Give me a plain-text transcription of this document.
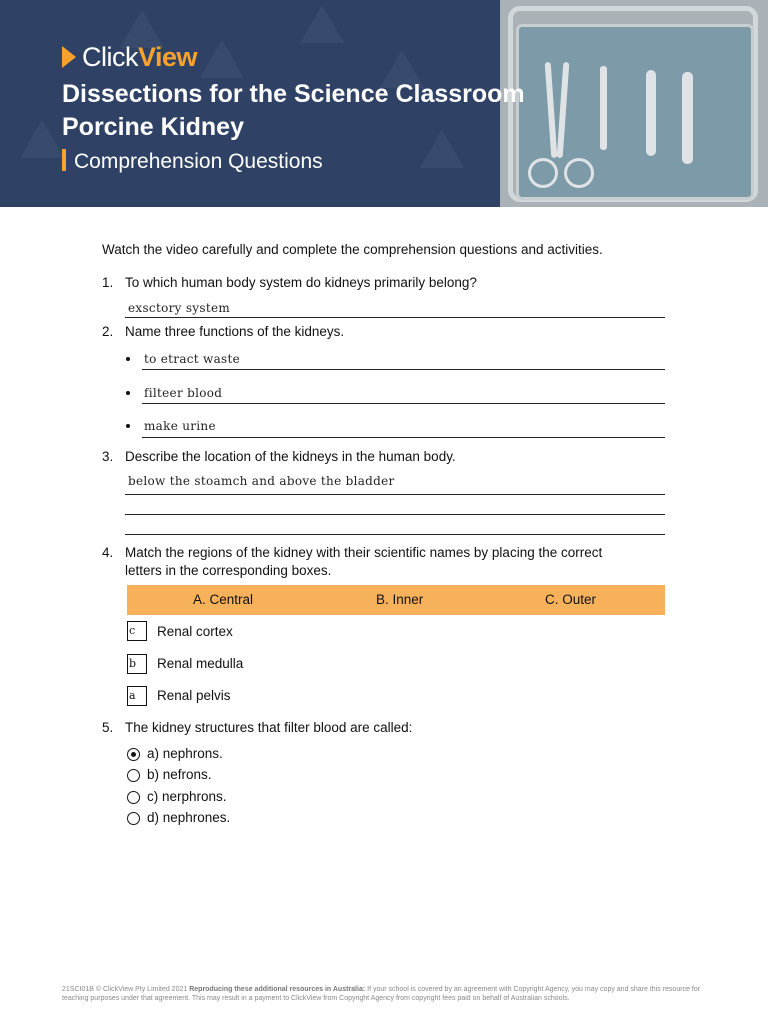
Click View
Dissections for the Science Classroom
Porcine Kidney
Comprehension Questions
Watch the video carefully and complete the comprehension questions and activities.
1. To which human body system do kidneys primarily belong?
exsctory system
2. Name three functions of the kidneys.
to etract waste
filteer blood
make urine
3. Describe the location of the kidneys in the human body.
below the stoamch and above the bladder
4. Match the regions of the kidney with their scientific names by placing the correct
letters in the corresponding boxes.
A. Central	B. Inner	C. Outer
c	Renal cortex
b	Renal medulla
a	Renal pelvis
5. The kidney structures that filter blood are called:
a) nephrons.
b) nefrons.
c) nerphrons.
d) nephrones.
21SCI01B © ClickView Pty Limited 2021 Reproducing these additional resources in Australia: If your school is covered by an agreement with Copyright Agency, you may copy and share this resource for teaching purposes under that agreement. This may result in a payment to ClickView from Copyright Agency from copyright fees paid on behalf of Australian schools.
